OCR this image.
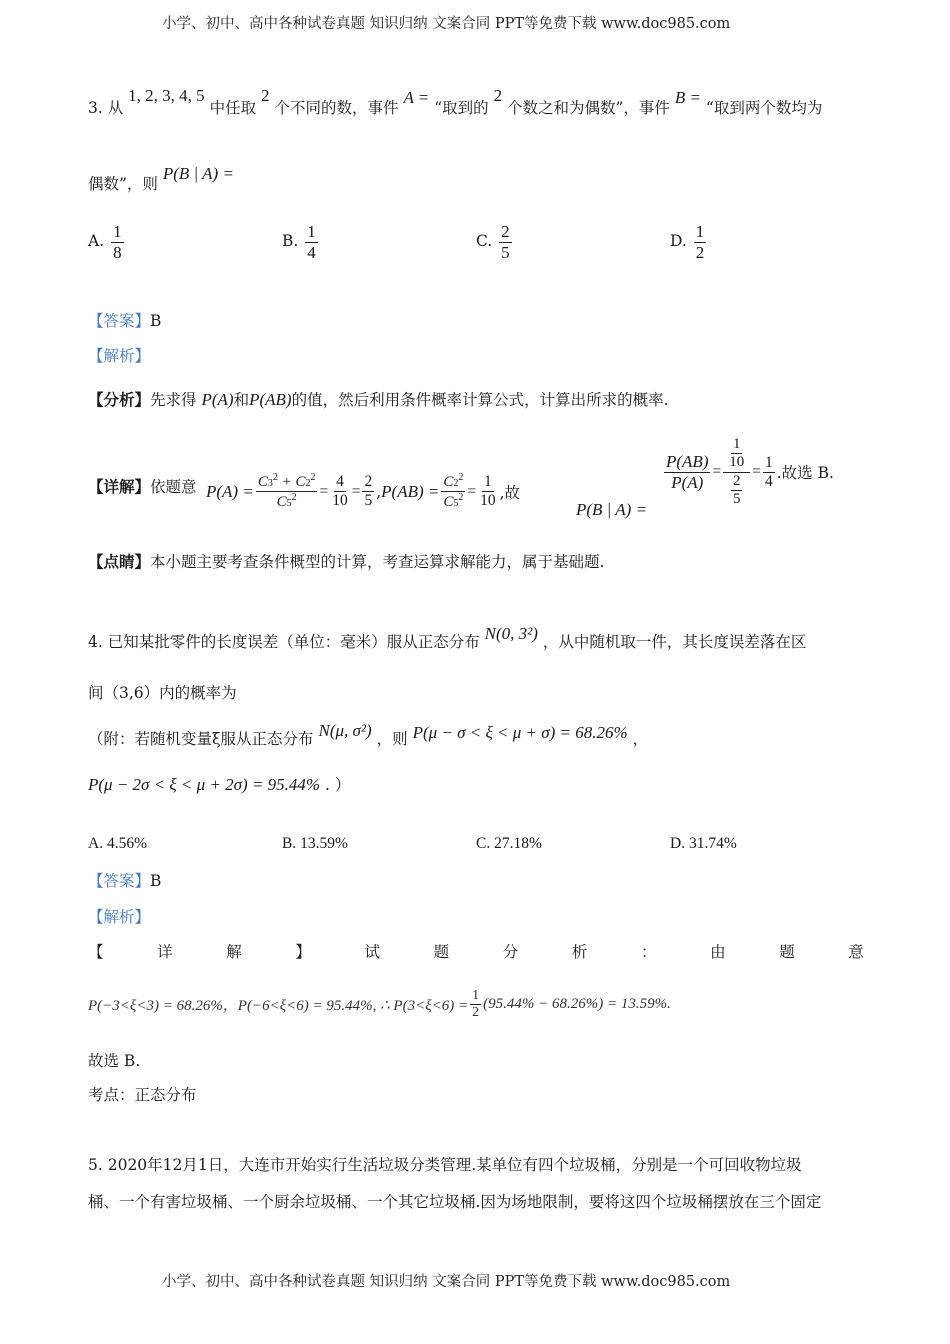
小学、初中、高中各种试卷真题 知识归纳 文案合同 PPT等免费下载 www.doc985.com
3. 从 1, 2, 3, 4, 5 中任取 2 个不同的数，事件 A = “取到的 2 个数之和为偶数”，事件 B = “取到两个数均为
偶数”，则 P(B | A) =
A. $\frac{1}{8}$	B. $\frac{1}{4}$	C. $\frac{2}{5}$	D. $\frac{1}{2}$
【答案】B
【解析】
【分析】先求得 P(A)和P(AB)的值，然后利用条件概率计算公式，计算出所求的概率.
【详解】依题意 $P(A) = \frac{C3^2 + C2^2}{C5^2} = \frac{4}{10} = \frac{2}{5}$ , $P(AB) = \frac{C2^2}{C5^2} = \frac{1}{10}$ ,故
P(B | A) =
$\frac{P(AB)}{P(A)} = \frac{\frac{1}{10}}{\frac{2}{5}} = \frac{1}{4}$ .故选 B.
【点睛】本小题主要考查条件概型的计算，考查运算求解能力，属于基础题.
4. 已知某批零件的长度误差（单位：毫米）服从正态分布 N(0, 3²) ，从中随机取一件，其长度误差落在区
间（3,6）内的概率为
（附：若随机变量ξ服从正态分布 N(μ, σ²) ，则 P(μ − σ < ξ < μ + σ) = 68.26% ，
P(μ − 2σ < ξ < μ + 2σ) = 95.44% . ）
A. 4.56%	B. 13.59%	C. 27.18%	D. 31.74%
【答案】B
【解析】
【	详	解	】	试	题	分	析	：	由	题	意
P(−3<ξ<3) = 68.26%，P(−6<ξ<6) = 95.44%, ∴ $P(3<\xi<6) = \frac{1}{2} (95.44\% - 68.26\%) = 13.59\%$.
故选 B.
考点：正态分布
5. 2020年12月1日，大连市开始实行生活垃圾分类管理.某单位有四个垃圾桶，分别是一个可回收物垃圾
桶、一个有害垃圾桶、一个厨余垃圾桶、一个其它垃圾桶.因为场地限制，要将这四个垃圾桶摆放在三个固定
小学、初中、高中各种试卷真题 知识归纳 文案合同 PPT等免费下载 www.doc985.com
